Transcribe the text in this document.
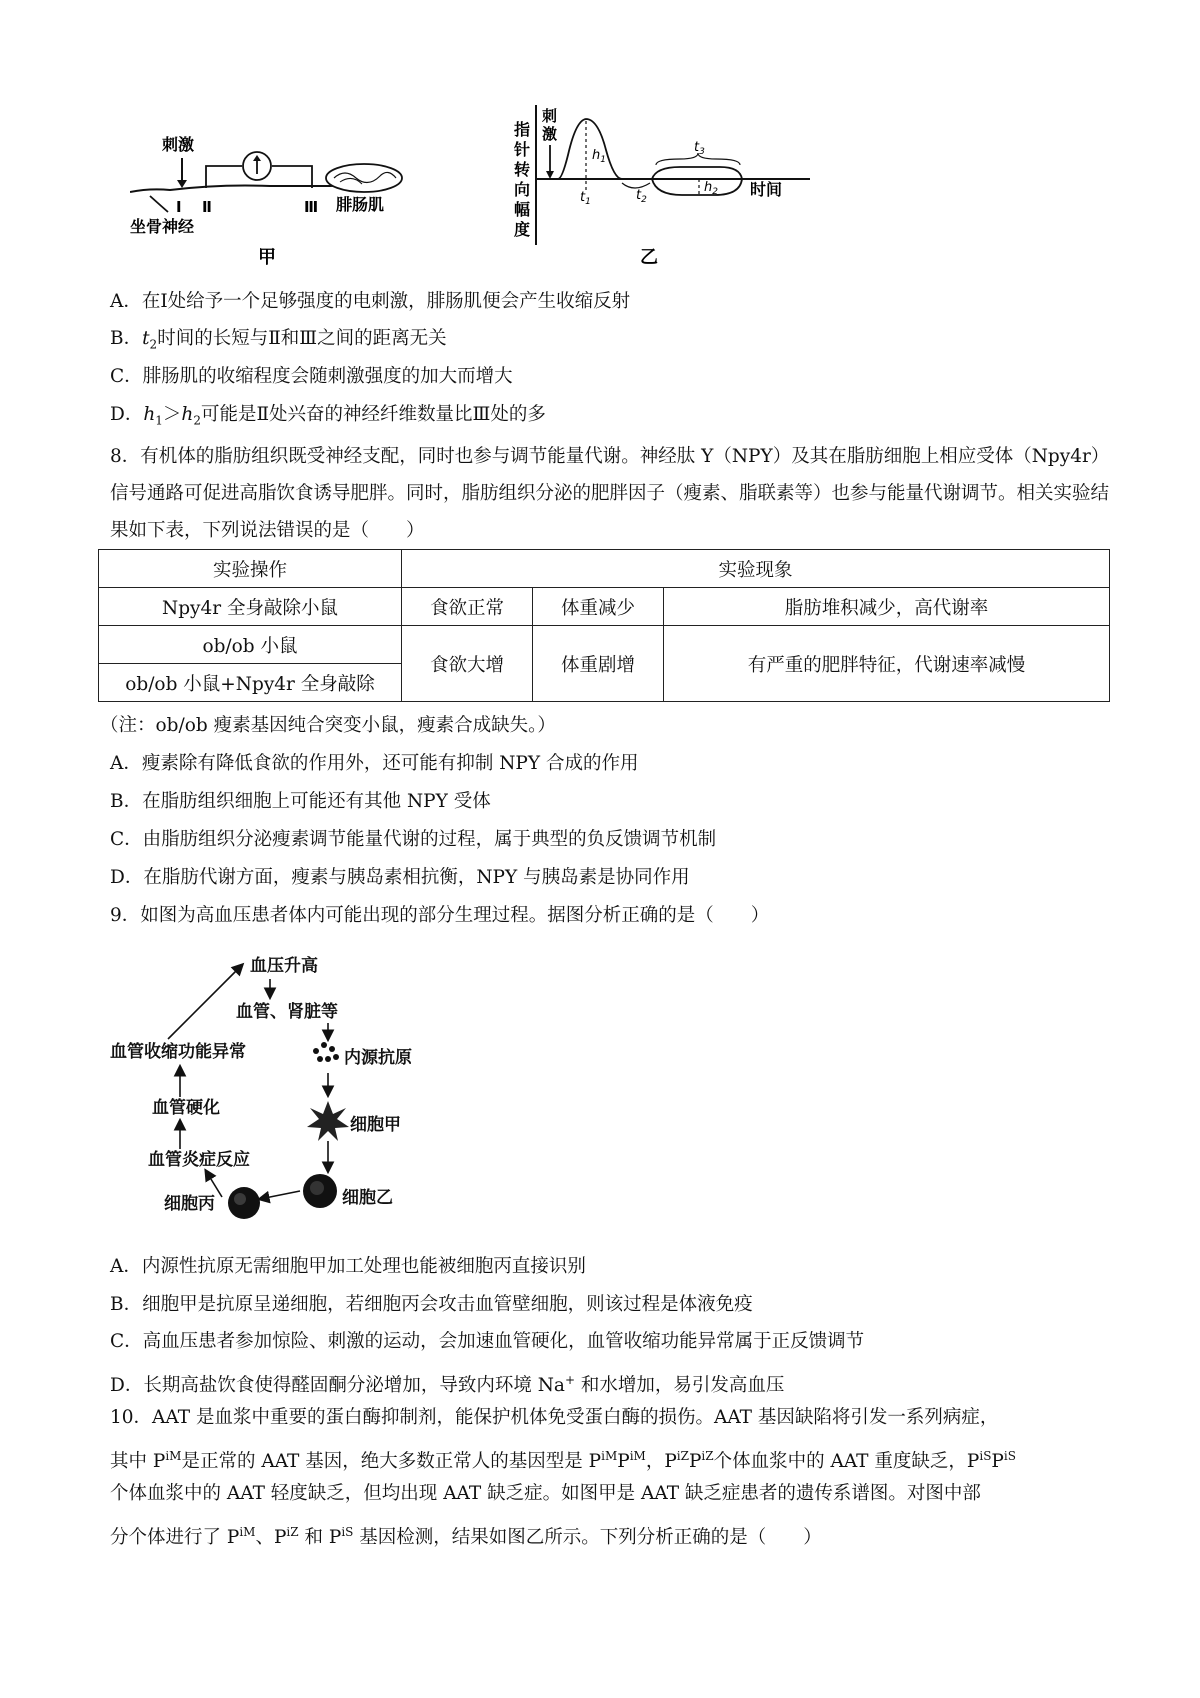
刺激
Ⅰ Ⅱ	Ⅲ 腓肠肌
坐骨神经
甲
指
针
转
向
幅
度
刺
激
$h_1$
$h_2$
$t_1$	$t_2$
$t_3$
时间
乙
A．在Ⅰ处给予一个足够强度的电刺激，腓肠肌便会产生收缩反射
B．$t_2$时间的长短与Ⅱ和Ⅲ之间的距离无关
C．腓肠肌的收缩程度会随刺激强度的加大而增大
D．$h_1>h_2$可能是Ⅱ处兴奋的神经纤维数量比Ⅲ处的多
8．有机体的脂肪组织既受神经支配，同时也参与调节能量代谢。神经肽 Y（NPY）及其在脂肪细胞上相应受体（Npy4r）信号通路可促进高脂饮食诱导肥胖。同时，脂肪组织分泌的肥胖因子（瘦素、脂联素等）也参与能量代谢调节。相关实验结果如下表，下列说法错误的是（　　）
实验操作	实验现象		
Npy4r 全身敲除小鼠	食欲正常	体重减少	脂肪堆积减少，高代谢率
ob/ob 小鼠	食欲大增	体重剧增	有严重的肥胖特征，代谢速率减慢
ob/ob 小鼠+Npy4r 全身敲除			
（注：ob/ob 瘦素基因纯合突变小鼠，瘦素合成缺失。）
A．瘦素除有降低食欲的作用外，还可能有抑制 NPY 合成的作用
B．在脂肪组织细胞上可能还有其他 NPY 受体
C．由脂肪组织分泌瘦素调节能量代谢的过程，属于典型的负反馈调节机制
D．在脂肪代谢方面，瘦素与胰岛素相抗衡，NPY 与胰岛素是协同作用
9．如图为高血压患者体内可能出现的部分生理过程。据图分析正确的是（　　）
血压升高
血管、肾脏等
内源抗原
细胞甲
细胞乙
细胞丙
血管炎症反应
血管硬化
血管收缩功能异常
A．内源性抗原无需细胞甲加工处理也能被细胞丙直接识别
B．细胞甲是抗原呈递细胞，若细胞丙会攻击血管壁细胞，则该过程是体液免疫
C．高血压患者参加惊险、刺激的运动，会加速血管硬化，血管收缩功能异常属于正反馈调节
D．长期高盐饮食使得醛固酮分泌增加，导致内环境 Na+ 和水增加，易引发高血压
10．AAT 是血浆中重要的蛋白酶抑制剂，能保护机体免受蛋白酶的损伤。AAT 基因缺陷将引发一系列病症，
其中 $P^{iM}$是正常的 AAT 基因，绝大多数正常人的基因型是 $P^{iM}P^{iM}$，$P^{iZ}P^{iZ}$个体血浆中的 AAT 重度缺乏，$P^{iS}P^{iS}$
个体血浆中的 AAT 轻度缺乏，但均出现 AAT 缺乏症。如图甲是 AAT 缺乏症患者的遗传系谱图。对图中部
分个体进行了 $P^{iM}$、$P^{iZ}$ 和 $P^{iS}$ 基因检测，结果如图乙所示。下列分析正确的是（　　）
